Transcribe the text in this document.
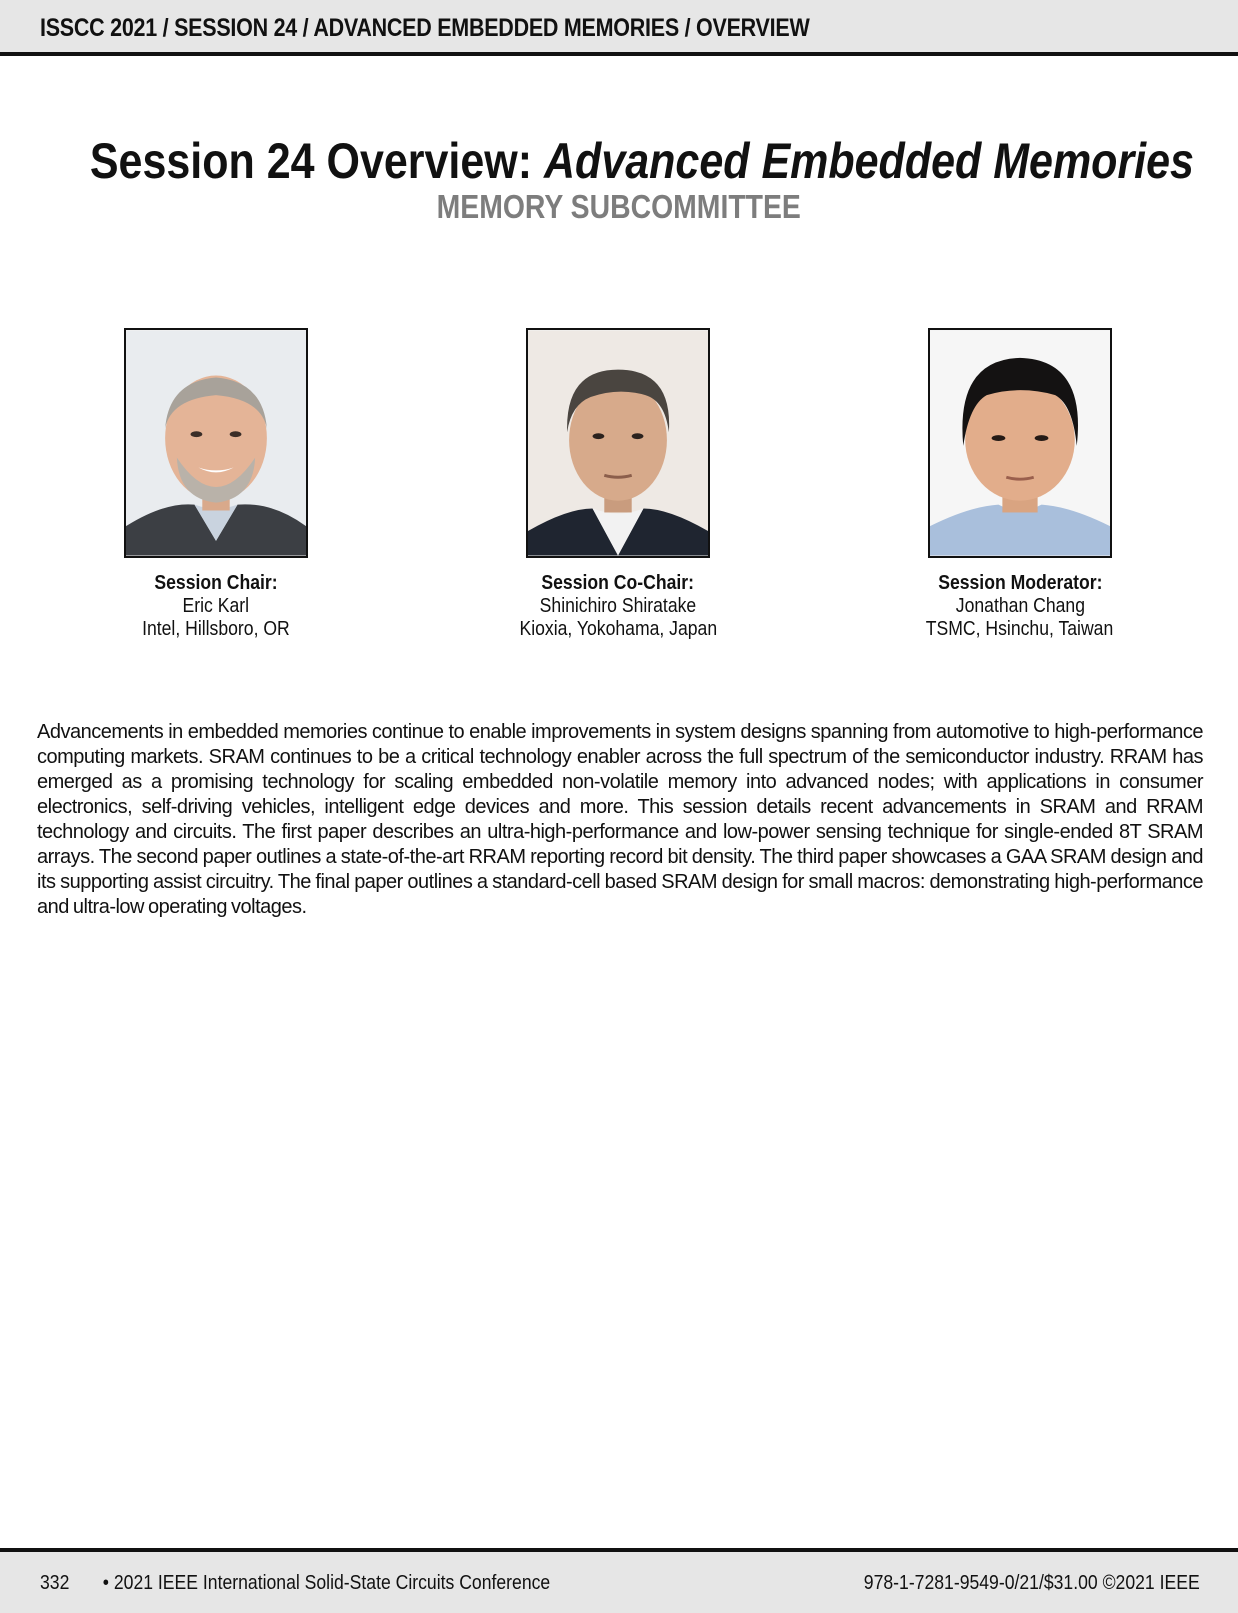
ISSCC 2021 / SESSION 24 / ADVANCED EMBEDDED MEMORIES / OVERVIEW
Session 24 Overview: Advanced Embedded Memories
MEMORY SUBCOMMITTEE
Session Chair:
Eric Karl
Intel, Hillsboro, OR
Session Co-Chair:
Shinichiro Shiratake
Kioxia, Yokohama, Japan
Session Moderator:
Jonathan Chang
TSMC, Hsinchu, Taiwan
Advancements in embedded memories continue to enable improvements in system designs spanning from automotive to high-performance computing markets. SRAM continues to be a critical technology enabler across the full spectrum of the semiconductor industry. RRAM has emerged as a promising technology for scaling embedded non-volatile memory into advanced nodes; with applications in consumer electronics, self-driving vehicles, intelligent edge devices and more. This session details recent advancements in SRAM and RRAM technology and circuits. The first paper describes an ultra-high-performance and low-power sensing technique for single-ended 8T SRAM arrays. The second paper outlines a state-of-the-art RRAM reporting record bit density. The third paper showcases a GAA SRAM design and its supporting assist circuitry. The final paper outlines a standard-cell based SRAM design for small macros: demonstrating high-performance and ultra-low operating voltages.
332 • 2021 IEEE International Solid-State Circuits Conference	978-1-7281-9549-0/21/$31.00 ©2021 IEEE
